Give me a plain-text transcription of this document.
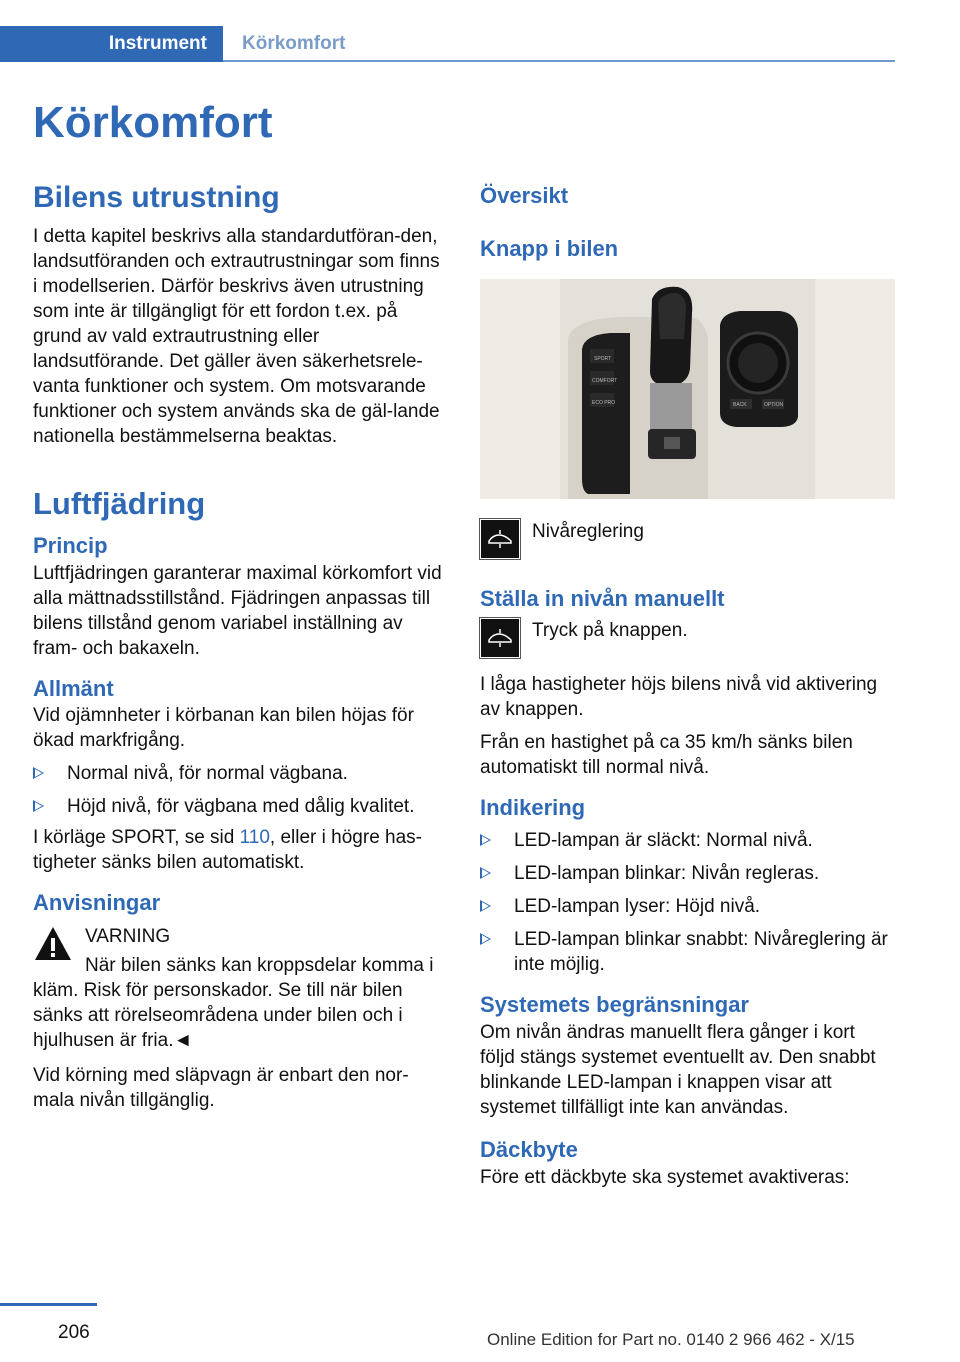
Instrument Körkomfort
Körkomfort
Bilens utrustning

I detta kapitel beskrivs alla standardutföran-den, landsutföranden och extrautrustningar som finns i modellserien. Därför beskrivs även utrustning som inte är tillgängligt för ett fordon t.ex. på grund av vald extrautrustning eller landsutförande. Det gäller även säkerhetsrele-vanta funktioner och system. Om motsvarande funktioner och system används ska de gäl-lande nationella bestämmelserna beaktas.

Luftfjädring
Princip

Luftfjädringen garanterar maximal körkomfort vid alla mättnadsstillstånd. Fjädringen anpassas till bilens tillstånd genom variabel inställning av fram- och bakaxeln.

Allmänt

Vid ojämnheter i körbanan kan bilen höjas för ökad markfrigång.

Normal nivå, för normal vägbana.
Höjd nivå, för vägbana med dålig kvalitet.

I körläge SPORT, se sid 110, eller i högre has-tigheter sänks bilen automatiskt.

Anvisningar

VARNING

När bilen sänks kan kroppsdelar komma i kläm. Risk för personskador. Se till när bilen sänks att rörelseområdena under bilen och i hjulhusen är fria.◄

Vid körning med släpvagn är enbart den nor-mala nivån tillgänglig.

Översikt
Knapp i bilen
SPORT
COMFORT
ECO PRO	BACK	OPTION

Nivåreglering

Ställa in nivån manuellt

Tryck på knappen.

I låga hastigheter höjs bilens nivå vid aktivering av knappen.

Från en hastighet på ca 35 km/h sänks bilen automatiskt till normal nivå.

Indikering
LED-lampan är släckt: Normal nivå.
LED-lampan blinkar: Nivån regleras.
LED-lampan lyser: Höjd nivå.
LED-lampan blinkar snabbt: Nivåreglering är inte möjlig.
Systemets begränsningar

Om nivån ändras manuellt flera gånger i kort följd stängs systemet eventuellt av. Den snabbt blinkande LED-lampan i knappen visar att systemet tillfälligt inte kan användas.

Däckbyte

Före ett däckbyte ska systemet avaktiveras:

206	Online Edition for Part no. 0140 2 966 462 - X/15
